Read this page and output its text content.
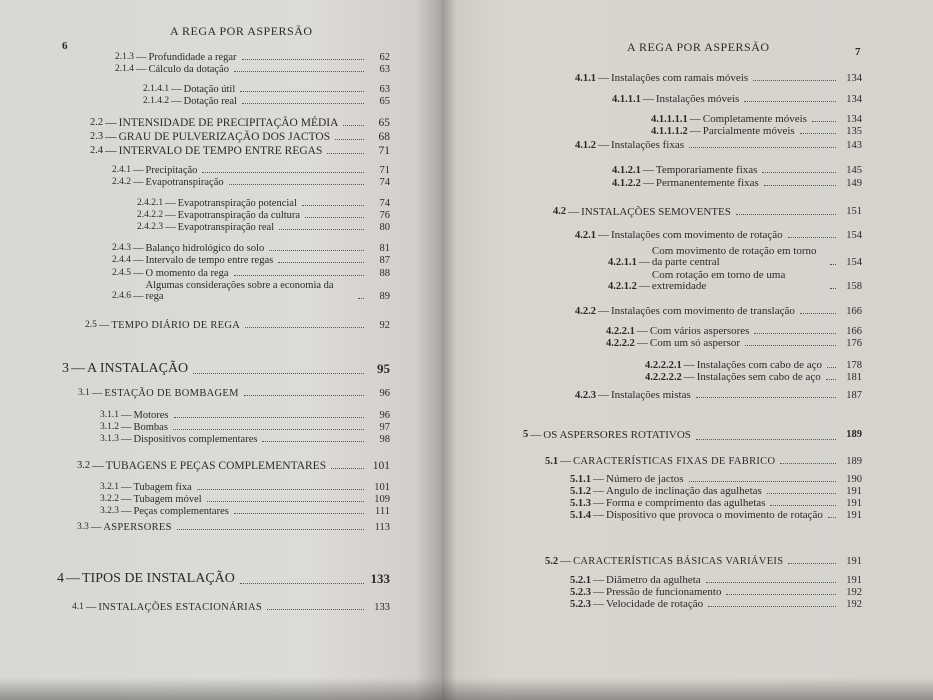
A REGA POR ASPERSÃO
6
2.1.3 — Profundidade a regar	62
2.1.4 — Cálculo da dotação	63
2.1.4.1 — Dotação útil	63
2.1.4.2 — Dotação real	65
2.2 — INTENSIDADE DE PRECIPITAÇÃO MÉDIA	65
2.3 — GRAU DE PULVERIZAÇÃO DOS JACTOS	68
2.4 — INTERVALO DE TEMPO ENTRE REGAS	71
2.4.1 — Precipitação	71
2.4.2 — Evapotranspiração	74
2.4.2.1 — Evapotranspiração potencial	74
2.4.2.2 — Evapotranspiração da cultura	76
2.4.2.3 — Evapotranspiração real	80
2.4.3 — Balanço hidrológico do solo	81
2.4.4 — Intervalo de tempo entre regas	87
2.4.5 — O momento da rega	88
2.4.6 —
Algumas considerações sobre a economia da rega	89
2.5 — TEMPO DIÁRIO DE REGA	92
3 — A INSTALAÇÃO	95
3.1 — ESTAÇÃO DE BOMBAGEM	96
3.1.1 — Motores	96
3.1.2 — Bombas	97
3.1.3 — Dispositivos complementares	98
3.2 — TUBAGENS E PEÇAS COMPLEMENTARES	101
3.2.1 — Tubagem fixa	101
3.2.2 — Tubagem móvel	109
3.2.3 — Peças complementares	111
3.3 — ASPERSORES	113
4 — TIPOS DE INSTALAÇÃO	133
4.1 — INSTALAÇÕES ESTACIONÁRIAS	133
A REGA POR ASPERSÃO	7
4.1.1 — Instalações com ramais móveis	134
4.1.1.1 — Instalações móveis	134
4.1.1.1.1 — Completamente móveis	134
4.1.1.1.2 — Parcialmente móveis	135
4.1.2 — Instalações fixas	143
4.1.2.1 — Temporariamente fixas	145
4.1.2.2 — Permanentemente fixas	149
4.2 — INSTALAÇÕES SEMOVENTES	151
4.2.1 — Instalações com movimento de rotação	154
4.2.1.1 —
Com movimento de rotação em torno da parte central	154
4.2.1.2 —
Com rotação em torno de uma extremidade	158
4.2.2 — Instalações com movimento de translação	166
4.2.2.1 — Com vários aspersores	166
4.2.2.2 — Com um só aspersor	176
4.2.2.2.1 — Instalações com cabo de aço	178
4.2.2.2.2 — Instalações sem cabo de aço	181
4.2.3 — Instalações mistas	187
5 — OS ASPERSORES ROTATIVOS	189
5.1 — CARACTERÍSTICAS FIXAS DE FABRICO	189
5.1.1 — Número de jactos	190
5.1.2 — Angulo de inclinação das agulhetas	191
5.1.3 — Forma e comprimento das agulhetas	191
5.1.4 — Dispositivo que provoca o movimento de rotação	191
5.2 — CARACTERÍSTICAS BÁSICAS VARIÁVEIS	191
5.2.1 — Diâmetro da agulheta	191
5.2.3 — Pressão de funcionamento	192
5.2.3 — Velocidade de rotação	192
